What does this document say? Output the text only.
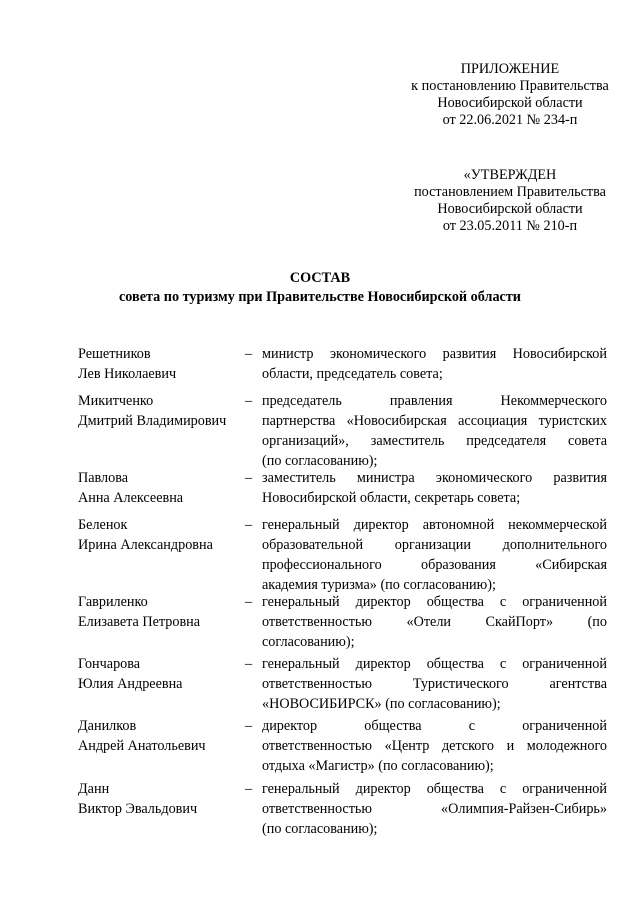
ПРИЛОЖЕНИЕ
к постановлению Правительства
Новосибирской области
от 22.06.2021 № 234-п
«УТВЕРЖДЕН
постановлением Правительства
Новосибирской области
от 23.05.2011 № 210-п
СОСТАВ
совета по туризму при Правительстве Новосибирской области
Решетников
Лев Николаевич
– министр экономического развития Новосибирской
области, председатель совета;
Микитченко
Дмитрий Владимирович
– председатель правления Некоммерческого
партнерства «Новосибирская ассоциация туристских
организаций», заместитель председателя совета
(по согласованию);
Павлова
Анна Алексеевна
– заместитель министра экономического развития
Новосибирской области, секретарь совета;
Беленок
Ирина Александровна
– генеральный директор автономной некоммерческой
образовательной организации дополнительного
профессионального образования «Сибирская
академия туризма» (по согласованию);
Гавриленко
Елизавета Петровна
– генеральный директор общества с ограниченной
ответственностью «Отели СкайПорт» (по
согласованию);
Гончарова
Юлия Андреевна
– генеральный директор общества с ограниченной
ответственностью Туристического агентства
«НОВОСИБИРСК» (по согласованию);
Данилков
Андрей Анатольевич
– директор общества с ограниченной
ответственностью «Центр детского и молодежного
отдыха «Магистр» (по согласованию);
Данн
Виктор Эвальдович
– генеральный директор общества с ограниченной
ответственностью «Олимпия-Райзен-Сибирь»
(по согласованию);
